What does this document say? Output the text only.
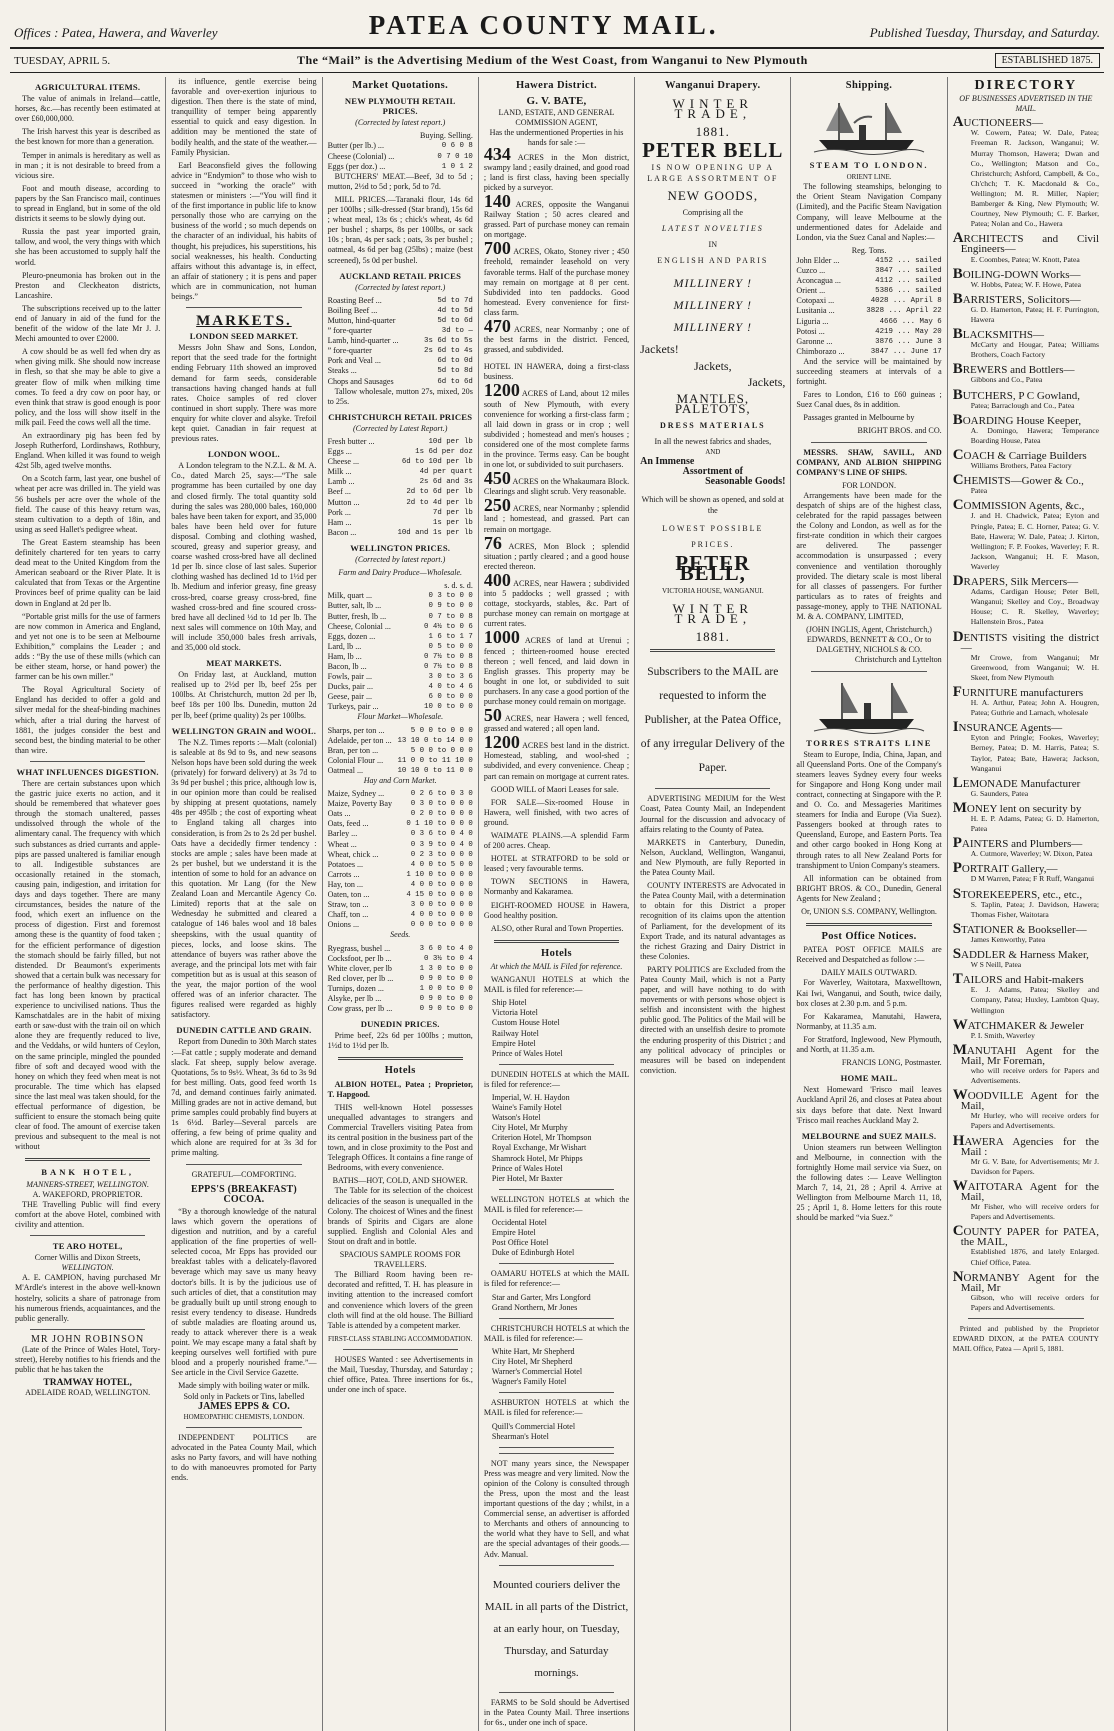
Offices : Patea, Hawera, and Waverley	PATEA COUNTY MAIL.	Published Tuesday, Thursday, and Saturday.
TUESDAY, APRIL 5.	The “Mail” is the Advertising Medium of the West Coast, from Wanganui to New Plymouth	ESTABLISHED 1875.
AGRICULTURAL ITEMS.

The value of animals in Ireland—cattle, horses, &c.—has recently been estimated at over £60,000,000.

The Irish harvest this year is described as the best known for more than a generation.

Temper in animals is hereditary as well as in man ; it is not desirable to breed from a vicious sire.

Foot and mouth disease, according to papers by the San Francisco mail, continues to spread in England, but in some of the old districts it seems to be slowly dying out.

Russia the past year imported grain, tallow, and wool, the very things with which she has been accustomed to supply half the world.

Pleuro-pneumonia has broken out in the Preston and Cleckheaton districts, Lancashire.

The subscriptions received up to the latter end of January in aid of the fund for the benefit of the widow of the late Mr J. J. Mechi amounted to over £2000.

A cow should be as well fed when dry as when giving milk. She should now increase in flesh, so that she may be able to give a greater flow of milk when milking time comes. To feed a dry cow on poor hay, or even think that straw is good enough is poor policy, and the loss will show itself in the milk pail. Feed the cows well all the time.

An extraordinary pig has been fed by Joseph Rutherford, Lordinshaws, Rothbury, England. When killed it was found to weigh 42st 5lb, aged twelve months.

On a Scotch farm, last year, one bushel of wheat per acre was drilled in. The yield was 56 bushels per acre over the whole of the field. The cause of this heavy return was, steam cultivation to a depth of 18in, and using as seed Hallet's pedigree wheat.

The Great Eastern steamship has been definitely chartered for ten years to carry dead meat to the United Kingdom from the American seaboard or the River Plate. It is calculated that from Texas or the Argentine Provinces beef of prime quality can be laid down in England at 2d per lb.

“Portable grist mills for the use of farmers are now common in America and England, and yet not one is to be seen at Melbourne Exhibition,” complains the Leader ; and adds : “By the use of these mills (which can be either steam, horse, or hand power) the farmer can be his own miller.”

The Royal Agricultural Society of England has decided to offer a gold and silver medal for the sheaf-binding machines which, after a trial during the harvest of 1881, the judges consider the best and second best, the binding material to be other than wire.

WHAT INFLUENCES DIGESTION.

There are certain substances upon which the gastric juice exerts no action, and it should be remembered that whatever goes through the stomach unaltered, passes undissolved through the whole of the alimentary canal. The frequency with which such substances as dried currants and apple-pips are passed unaltered is familiar enough to all. Indigestible substances are occasionally retained in the stomach, causing pain, indigestion, and irritation for days and days together. There are many circumstances, besides the nature of the food, which exert an influence on the process of digestion. First and foremost among these is the quantity of food taken ; for the efficient performance of digestion the stomach should be fairly filled, but not distended. Dr Beaumont's experiments showed that a certain bulk was necessary for the performance of healthy digestion. This fact has long been known by practical experience to uncivilised nations. Thus the Kamschatdales are in the habit of mixing earth or saw-dust with the train oil on which alone they are frequently reduced to live, and the Veddahs, or wild hunters of Ceylon, on the same principle, mingled the pounded fibre of soft and decayed wood with the honey on which they feed when meat is not procurable. The time which has elapsed since the last meal was taken should, for the effectual performance of digestion, be sufficient to ensure the stomach being quite clear of food. The amount of exercise taken previous and subsequent to the meal is not without

BANK HOTEL,
MANNERS-STREET, WELLINGTON.
A. WAKEFORD, PROPRIETOR.

THE Travelling Public will find every comfort at the above Hotel, combined with civility and attention.

TE ARO HOTEL,
Corner Willis and Dixon Streets,
WELLINGTON.

A. E. CAMPION, having purchased Mr M'Ardle's interest in the above well-known hostelry, solicits a share of patronage from his numerous friends, acquaintances, and the public generally.

MR JOHN ROBINSON

(Late of the Prince of Wales Hotel, Tory-street), Hereby notifies to his friends and the public that he has taken the

TRAMWAY HOTEL,
ADELAIDE ROAD, WELLINGTON.

its influence, gentle exercise being favorable and over-exertion injurious to digestion. Then there is the state of mind, tranquillity of temper being apparently essential to quick and easy digestion. In addition may be mentioned the state of bodily health, and the state of the weather.—Family Physician.

Earl Beaconsfield gives the following advice in “Endymion” to those who wish to succeed in “working the oracle” with statesmen or ministers :—“You will find it of the first importance in public life to know personally those who are carrying on the business of the world ; so much depends on the character of an individual, his habits of thought, his prejudices, his superstitions, his social weaknesses, his health. Conducting affairs without this advantage is, in effect, an affair of stationery ; it is pens and paper which are in communication, not human beings.”

MARKETS.
LONDON SEED MARKET.

Messrs John Shaw and Sons, London, report that the seed trade for the fortnight ending February 11th showed an improved demand for farm seeds, considerable transactions having changed hands at full rates. Choice samples of red clover continued in short supply. There was more enquiry for white clover and alsyke. Trefoil kept quiet. Canadian in fair request at previous rates.

LONDON WOOL.

A London telegram to the N.Z.L. & M. A. Co., dated March 25, says:—“The sale programme has been curtailed by one day and closed firmly. The total quantity sold during the sales was 280,000 bales, 160,000 bales have been taken for export, and 35,000 bales have been held over for future disposal. Combing and clothing washed, scoured, greasy and superior greasy, and coarse washed cross-bred have all declined 1d per lb. since close of last sales. Superior clothing washed has declined 1d to 1½d per lb. Medium and inferior greasy, fine greasy cross-bred, coarse greasy cross-bred, fine washed cross-bred and fine scoured cross-bred have all declined ½d to 1d per lb. The next sales will commence on 10th May, and will include 350,000 bales fresh arrivals, and 35,000 old stock.

MEAT MARKETS.

On Friday last, at Auckland, mutton realised up to 2½d per lb, beef 25s per 100lbs. At Christchurch, mutton 2d per lb, beef 18s per 100 lbs. Dunedin, mutton 2d per lb, beef (prime quality) 2s per 100lbs.

WELLINGTON GRAIN and WOOL.

The N.Z. Times reports :—Malt (colonial) is saleable at 8s 9d to 9s, and new seasons Nelson hops have been sold during the week (privately) for forward delivery) at 3s 7d to 3s 9d per bushel ; this price, although low is, in our opinion more than could be realised by shipping at present quotations, namely 48s per 495lb ; the cost of exporting wheat to England taking all charges into consideration, is from 2s to 2s 2d per bushel. Oats have a decidedly firmer tendency : stocks are ample ; sales have been made at 2s per bushel, but we understand it is the intention of some to hold for an advance on this quotation. Mr Lang (for the New Zealand Loan and Mercantile Agency Co. Limited) reports that at the sale on Wednesday he submitted and cleared a catalogue of 146 bales wool and 18 bales sheepskins, with the usual quantity of pieces, locks, and loose skins. The attendance of buyers was rather above the average, and the principal lots met with fair competition but as is usual at this season of the year, the major portion of the wool offered was of an inferior character. The figures realised were regarded as highly satisfactory.

DUNEDIN CATTLE AND GRAIN.

Report from Dunedin to 30th March states :—Fat cattle ; supply moderate and demand slack. Fat sheep, supply below average. Quotations, 5s to 9s½. Wheat, 3s 6d to 3s 9d for best milling. Oats, good feed worth 1s 7d, and demand continues fairly animated. Milling grades are not in active demand, but prime samples could probably find buyers at 1s 6½d. Barley—Several parcels are offering, a few being of prime quality and which alone are required for at 3s 3d for prime malting.

GRATEFUL—COMFORTING.
EPPS'S (BREAKFAST) COCOA.

“By a thorough knowledge of the natural laws which govern the operations of digestion and nutrition, and by a careful application of the fine properties of well-selected cocoa, Mr Epps has provided our breakfast tables with a delicately-flavored beverage which may save us many heavy doctor's bills. It is by the judicious use of such articles of diet, that a constitution may be gradually built up until strong enough to resist every tendency to disease. Hundreds of subtle maladies are floating around us, ready to attack wherever there is a weak point. We may escape many a fatal shaft by keeping ourselves well fortified with pure blood and a properly nourished frame.”—See article in the Civil Service Gazette.

Made simply with boiling water or milk.
Sold only in Packets or Tins, labelled
JAMES EPPS & CO.
HOMEOPATHIC CHEMISTS, LONDON.

INDEPENDENT POLITICS are advocated in the Patea County Mail, which asks no Party favors, and will have nothing to do with manoeuvres promoted for Party ends.

Market Quotations.
NEW PLYMOUTH RETAIL PRICES.
(Corrected by latest report.)
Buying. Selling.
Butter (per lb.) ...	0 6 0 8
Cheese (Colonial) ...	0 7 0 10
Eggs (per doz.) ...	1 0 1 2

BUTCHERS' MEAT.—Beef, 3d to 5d ; mutton, 2½d to 5d ; pork, 5d to 7d.

MILL PRICES.—Taranaki flour, 14s 6d per 100lbs ; silk-dressed (Star brand), 15s 6d ; wheat meal, 13s 6s ; chick's wheat, 4s 6d per bushel ; sharps, 8s per 100lbs, or sack 10s ; bran, 4s per sack ; oats, 3s per bushel ; oatmeal, 4s 6d per bag (25lbs) ; maize (best screened), 5s 0d per bushel.

AUCKLAND RETAIL PRICES
(Corrected by latest report.)
Roasting Beef ...	5d to 7d
Boiling Beef ...	4d to 5d
Mutton, hind-quarter	5d to 6d
” fore-quarter	3d to —
Lamb, hind-quarter ...	3s 6d to 5s
” fore-quarter	2s 6d to 4s
Pork and Veal ...	6d to 0d
Steaks ...	5d to 8d
Chops and Sausages	6d to 6d

Tallow wholesale, mutton 27s, mixed, 20s to 25s.

CHRISTCHURCH RETAIL PRICES
(Corrected by Latest Report.)
Fresh butter ...	10d per lb
Eggs ...	1s 6d per doz
Cheese ...	6d to 10d per lb
Milk ...	4d per quart
Lamb ...	2s 6d and 3s
Beef ...	2d to 6d per lb
Mutton ...	2d to 4d per lb
Pork ...	7d per lb
Ham ...	1s per lb
Bacon ...	10d and 1s per lb
WELLINGTON PRICES.
(Corrected by latest report.)
Farm and Dairy Produce—Wholesale.
s. d. s. d.
Milk, quart ...	0 3 to 0 0
Butter, salt, lb ...	0 9 to 0 0
Butter, fresh, lb ...	0 7 to 0 8
Cheese, Colonial ...	0 4½ to 0 6
Eggs, dozen ...	1 6 to 1 7
Lard, lb ...	0 5 to 0 0
Ham, lb ...	0 7½ to 0 8
Bacon, lb ...	0 7½ to 0 8
Fowls, pair ...	3 0 to 3 6
Ducks, pair ...	4 0 to 4 6
Geese, pair ...	6 0 to 0 0
Turkeys, pair ...	10 0 to 0 0
Flour Market—Wholesale.
Sharps, per ton ...	5 0 0 to 0 0 0
Adelaide, per ton ... 13 10 0 to 14 0 0
Bran, per ton ...	5 0 0 to 0 0 0
Colonial Flour ... 11 0 0 to 11 10 0
Oatmeal ...	10 10 0 to 11 0 0
Hay and Corn Market.
Maize, Sydney ...	0 2 6 to 0 3 0
Maize, Poverty Bay	0 3 0 to 0 0 0
Oats ...	0 2 0 to 0 0 0
Oats, feed ...	0 1 10 to 0 0 0
Barley ...	0 3 6 to 0 4 0
Wheat ...	0 3 9 to 0 4 0
Wheat, chick ...	0 2 3 to 0 0 0
Potatoes ...	4 0 0 to 5 0 0
Carrots ...	1 10 0 to 0 0 0
Hay, ton ...	4 0 0 to 0 0 0
Oaten, ton ...	4 15 0 to 0 0 0
Straw, ton ...	3 0 0 to 0 0 0
Chaff, ton ...	4 0 0 to 0 0 0
Onions ...	0 0 0 to 0 0 0
Seeds.
Ryegrass, bushel ...	3 6 0 to 4 0
Cocksfoot, per lb ...	0 3½ to 0 4
White clover, per lb	1 3 0 to 0 0
Red clover, per lb ...	0 9 0 to 0 0
Turnips, dozen ...	1 0 0 to 0 0
Alsyke, per lb ...	0 9 0 to 0 0
Cow grass, per lb ...	0 9 0 to 0 0
DUNEDIN PRICES.

Prime beef, 22s 6d per 100lbs ; mutton, 1½d to 1½d per lb.

Hotels

ALBION HOTEL, Patea ; Proprietor, T. Hapgood.

THIS well-known Hotel possesses unequalled advantages to strangers and Commercial Travellers visiting Patea from its central position in the business part of the town, and in close proximity to the Post and Telegraph Offices. It contains a fine range of Bedrooms, with every convenience.

BATHS—HOT, COLD, AND SHOWER.

The Table for its selection of the choicest delicacies of the season is unequalled in the Colony. The choicest of Wines and the finest brands of Spirits and Cigars are alone supplied. English and Colonial Ales and Stout on draft and in bottle.

SPACIOUS SAMPLE ROOMS FOR TRAVELLERS.

The Billiard Room having been re-decorated and refitted, T. H. has pleasure in inviting attention to the increased comfort and convenience which lovers of the green cloth will find at the old house. The Billiard Table is attended by a competent marker.

FIRST-CLASS STABLING ACCOMMODATION.

HOUSES Wanted : see Advertisements in the Mail, Tuesday, Thursday, and Saturday ; chief office, Patea. Three insertions for 6s., under one inch of space.

Hawera District.
G. V. BATE,
LAND, ESTATE, AND GENERAL COMMISSION AGENT,
Has the undermentioned Properties in his hands for sale :—

434 ACRES in the Mon district, swampy land ; easily drained, and good road ; land is first class, having been specially picked by a surveyor.

140 ACRES, opposite the Wanganui Railway Station ; 50 acres cleared and grassed. Part of purchase money can remain on mortgage.

700 ACRES, Okato, Stoney river ; 450 freehold, remainder leasehold on very favorable terms. Half of the purchase money may remain on mortgage at 8 per cent. Subdivided into ten paddocks. Good homestead. Every convenience for first-class farm.

470 ACRES, near Normanby ; one of the best farms in the district. Fenced, grassed, and subdivided.

HOTEL IN HAWERA, doing a first-class business.

1200 ACRES of Land, about 12 miles south of New Plymouth, with every convenience for working a first-class farm ; all laid down in grass or in crop ; well subdivided ; homestead and men's houses ; considered one of the most complete farms in the province. Terms easy. Can be bought in one lot, or subdivided to suit purchasers.

450 ACRES on the Whakaumara Block. Clearings and slight scrub. Very reasonable.

250 ACRES, near Normanby ; splendid land ; homestead, and grassed. Part can remain on mortgage.

76 ACRES, Mon Block ; splendid situation ; partly cleared ; and a good house erected thereon.

400 ACRES, near Hawera ; subdivided into 5 paddocks ; well grassed ; with cottage, stockyards, stables, &c. Part of purchase money can remain on mortgage at current rates.

1000 ACRES of land at Urenui ; fenced ; thirteen-roomed house erected thereon ; well fenced, and laid down in English grasses. This property may be bought in one lot, or subdivided to suit purchasers. In any case a good portion of the purchase money could remain on mortgage.

50 ACRES, near Hawera ; well fenced, grassed and watered ; all open land.

1200 ACRES best land in the district. Homestead, stabling, and wool-shed ; subdivided, and every convenience. Cheap ; part can remain on mortgage at current rates.

GOOD WILL of Maori Leases for sale.

FOR SALE—Six-roomed House in Hawera, well finished, with two acres of ground.

WAIMATE PLAINS.—A splendid Farm of 200 acres. Cheap.

HOTEL at STRATFORD to be sold or leased ; very favourable terms.

TOWN SECTIONS in Hawera, Normanby and Kakaramea.

EIGHT-ROOMED HOUSE in Hawera, Good healthy position.

ALSO, other Rural and Town Properties.

Hotels
At which the MAIL is Filed for reference.

WANGANUI HOTELS at which the MAIL is filed for reference:—

Ship Hotel
Victoria Hotel
Custom House Hotel
Railway Hotel
Empire Hotel
Prince of Wales Hotel

DUNEDIN HOTELS at which the MAIL is filed for reference:—

Imperial, W. H. Haydon
Waine's Family Hotel
Watson's Hotel
City Hotel, Mr Murphy
Criterion Hotel, Mr Thompson
Royal Exchange, Mr Wishart
Shamrock Hotel, Mr Phipps
Prince of Wales Hotel
Pier Hotel, Mr Baxter

WELLINGTON HOTELS at which the MAIL is filed for reference:—

Occidental Hotel
Empire Hotel
Post Office Hotel
Duke of Edinburgh Hotel

OAMARU HOTELS at which the MAIL is filed for reference:—

Star and Garter, Mrs Longford
Grand Northern, Mr Jones

CHRISTCHURCH HOTELS at which the MAIL is filed for reference:—

White Hart, Mr Shepherd
City Hotel, Mr Shepherd
Warner's Commercial Hotel
Wagner's Family Hotel

ASHBURTON HOTELS at which the MAIL is filed for reference:—

Quill's Commercial Hotel
Shearman's Hotel

NOT many years since, the Newspaper Press was meagre and very limited. Now the opinion of the Colony is consulted through the Press, upon the most and the least important questions of the day ; whilst, in a Commercial sense, an advertiser is afforded to Merchants and others of announcing to the world what they have to Sell, and what are the special advantages of their goods.—Adv. Manual.

Mounted couriers deliver the MAIL in all parts of the District, at an early hour, on Tuesday, Thursday, and Saturday mornings.

FARMS to be Sold should be Advertised in the Patea County Mail. Three insertions for 6s., under one inch of space.

Wanganui Drapery.
WINTER TRADE,
1881.
PETER BELL
IS NOW OPENING UP A LARGE ASSORTMENT OF
NEW GOODS,
Comprising all the
LATEST NOVELTIES
IN
ENGLISH AND PARIS
MILLINERY !
MILLINERY !
MILLINERY !
Jackets!
Jackets,
Jackets,
MANTLES, PALETOTS,
DRESS MATERIALS
In all the newest fabrics and shades,
AND
An Immense
Assortment of
Seasonable Goods!
Which will be shown as opened, and sold at the
LOWEST POSSIBLE
PRICES.
PETER BELL,
VICTORIA HOUSE, WANGANUI.
WINTER TRADE,
1881.
Subscribers to the MAIL are requested to inform the Publisher, at the Patea Office, of any irregular Delivery of the Paper.

ADVERTISING MEDIUM for the West Coast, Patea County Mail, an Independent Journal for the discussion and advocacy of affairs relating to the County of Patea.

MARKETS in Canterbury, Dunedin, Nelson, Auckland, Wellington, Wanganui, and New Plymouth, are fully Reported in the Patea County Mail.

COUNTY INTERESTS are Advocated in the Patea County Mail, with a determination to obtain for this District a proper recognition of its claims upon the attention of Parliament, for the development of its Export Trade, and its natural advantages as the richest Grazing and Dairy District in these Colonies.

PARTY POLITICS are Excluded from the Patea County Mail, which is not a Party paper, and will have nothing to do with movements or with persons whose object is selfish and inconsistent with the highest public good. The Politics of the Mail will be directed with an unselfish desire to promote the enduring prosperity of this District ; and any political advocacy of principles or measures will be based on independent conviction.

Shipping.
STEAM TO LONDON.
ORIENT LINE.

The following steamships, belonging to the Orient Steam Navigation Company (Limited), and the Pacific Steam Navigation Company, will leave Melbourne at the undermentioned dates for Adelaide and London, via the Suez Canal and Naples:—

Reg. Tons.
John Elder ...	4152 ... sailed
Cuzco ...	3847 ... sailed
Aconcagua ...	4112 ... sailed
Orient ...	5386 ... sailed
Cotopaxi ...	4028 ... April 8
Lusitania ...	3828 ... April 22
Liguria ...	4666 ... May 6
Potosi ...	4219 ... May 20
Garonne ...	3876 ... June 3
Chimborazo ...	3847 ... June 17

And the service will be maintained by succeeding steamers at intervals of a fortnight.

Fares to London, £16 to £60 guineas ; Suez Canal dues, 8s in addition.

Passages granted in Melbourne by

BRIGHT BROS. and CO.

MESSRS. SHAW, SAVILL, AND COMPANY, AND ALBION SHIPPING COMPANY'S LINE OF SHIPS.

FOR LONDON.

Arrangements have been made for the despatch of ships are of the highest class, celebrated for the rapid passages between the Colony and London, as well as for the first-rate condition in which their cargoes are delivered. The passenger accommodation is unsurpassed ; every convenience and ventilation thoroughly provided. The dietary scale is most liberal for all classes of passengers. For further particulars as to rates of freights and passage-money, apply to THE NATIONAL M. & A. COMPANY, LIMITED,

(JOHN INGLIS, Agent, Christchurch,) EDWARDS, BENNETT & CO., Or to DALGETHY, NICHOLS & CO.
Christchurch and Lyttelton
TORRES STRAITS LINE

Steam to Europe, India, China, Japan, and all Queensland Ports. One of the Company's steamers leaves Sydney every four weeks for Singapore and Hong Kong under mail contract, connecting at Singapore with the P. and O. Co. and Messageries Maritimes steamers for India and Europe (Via Suez). Passengers booked at through rates to Queensland, Europe, and Eastern Ports. Tea and other cargo booked in Hong Kong at through rates to all New Zealand Ports for transhipment to Union Company's steamers.

All information can be obtained from BRIGHT BROS. & CO., Dunedin, General Agents for New Zealand ;

Or, UNION S.S. COMPANY, Wellington.
Post Office Notices.

PATEA POST OFFICE MAILS are Received and Despatched as follow :—

DAILY MAILS OUTWARD.

For Waverley, Waitotara, Maxwelltown, Kai Iwi, Wanganui, and South, twice daily, box closes at 2.30 p.m. and 5 p.m.

For Kakaramea, Manutahi, Hawera, Normanby, at 11.35 a.m.

For Stratford, Inglewood, New Plymouth, and North, at 11.35 a.m.

FRANCIS LONG, Postmaster.
HOME MAIL.

Next Homeward 'Frisco mail leaves Auckland April 26, and closes at Patea about six days before that date. Next Inward 'Frisco mail reaches Auckland May 2.

MELBOURNE and SUEZ MAILS.

Union steamers run between Wellington and Melbourne, in connection with the fortnightly Home mail service via Suez, on the following dates :— Leave Wellington March 7, 14, 21, 28 ; April 4. Arrive at Wellington from Melbourne March 11, 18, 25 ; April 1, 8. Home letters for this route should be marked “via Suez.”

DIRECTORY
OF BUSINESSES ADVERTISED IN THE MAIL.
AUCTIONEERS—
W. Cowern, Patea; W. Dale, Patea; Freeman R. Jackson, Wanganui; W. Murray Thomson, Hawera; Dwan and Co., Wellington; Matson and Co., Christchurch; Ashford, Campbell, & Co., Ch'chch; T. K. Macdonald & Co., Wellington; M. R. Miller, Napier; Bamberger & King, New Plymouth; W. Courtney, New Plymouth; C. F. Barker, Patea; Nolan and Co., Hawera
ARCHITECTS and Civil Engineers—
E. Coombes, Patea; W. Knott, Patea
BOILING-DOWN Works—
W. Hobbs, Patea; W. F. Howe, Patea
BARRISTERS, Solicitors—
G. D. Hamerton, Patea; H. F. Purrington, Hawera
BLACKSMITHS—
McCarty and Hougar, Patea; Williams Brothers, Coach Factory
BREWERS and Bottlers—
Gibbons and Co., Patea
BUTCHERS, P C Gowland,
Patea; Barraclough and Co., Patea
BOARDING House Keeper,
A. Domingo, Hawera; Temperance Boarding House, Patea
COACH & Carriage Builders
Williams Brothers, Patea Factory
CHEMISTS—Gower & Co.,
Patea
COMMISSION Agents, &c.,
J. and H. Chadwick, Patea; Eyton and Pringle, Patea; E. C. Horner, Patea; G. V. Bate, Hawera; W. Dale, Patea; J. Kirton, Wellington; F. P. Fookes, Waverley; F. R. Jackson, Wanganui; H. F. Mason, Waverley
DRAPERS, Silk Mercers—
Adams, Cardigan House; Peter Bell, Wanganui; Skelley and Coy., Broadway House; C. R. Skelley, Waverley; Hallenstein Bros., Patea
DENTISTS visiting the district—
Mr Crowe, from Wanganui; Mr Greenwood, from Wanganui; W. H. Skeet, from New Plymouth
FURNITURE manufacturers
H. A. Arthur, Patea; John A. Hougren, Patea; Guthrie and Larnach, wholesale
INSURANCE Agents—
Eyton and Pringle; Fookes, Waverley; Berney, Patea; D. M. Harris, Patea; S. Taylor, Patea; Bate, Hawera; Jackson, Wanganui
LEMONADE Manufacturer
G. Saunders, Patea
MONEY lent on security by
H. E. P. Adams, Patea; G. D. Hamerton, Patea
PAINTERS and Plumbers—
A. Cutmore, Waverley; W. Dixon, Patea
PORTRAIT Gallery,—
D M Warren, Patea; F R Ruff, Wanganui
STOREKEEPERS, etc., etc.,
S. Taplin, Patea; J. Davidson, Hawera; Thomas Fisher, Waitotara
STATIONER & Bookseller—
James Kenworthy, Patea
SADDLER & Harness Maker,
W S Neill, Patea
TAILORS and Habit-makers
E. J. Adams, Patea; Skelley and Company, Patea; Huxley, Lambton Quay, Wellington
WATCHMAKER & Jeweler
P. I. Smith, Waverley
MANUTAHI Agent for the Mail, Mr Foreman,
who will receive orders for Papers and Advertisements.
WOODVILLE Agent for the Mail,
Mr Hurley, who will receive orders for Papers and Advertisements.
HAWERA Agencies for the Mail :
Mr G. V. Bate, for Advertisements; Mr J. Davidson for Papers.
WAITOTARA Agent for the Mail,
Mr Fisher, who will receive orders for Papers and Advertisements.
COUNTY PAPER for PATEA, the MAIL,
Established 1876, and lately Enlarged. Chief Office, Patea.
NORMANBY Agent for the Mail, Mr
Gibson, who will receive orders for Papers and Advertisements.

Printed and published by the Proprietor EDWARD DIXON, at the PATEA COUNTY MAIL Office, Patea — April 5, 1881.
